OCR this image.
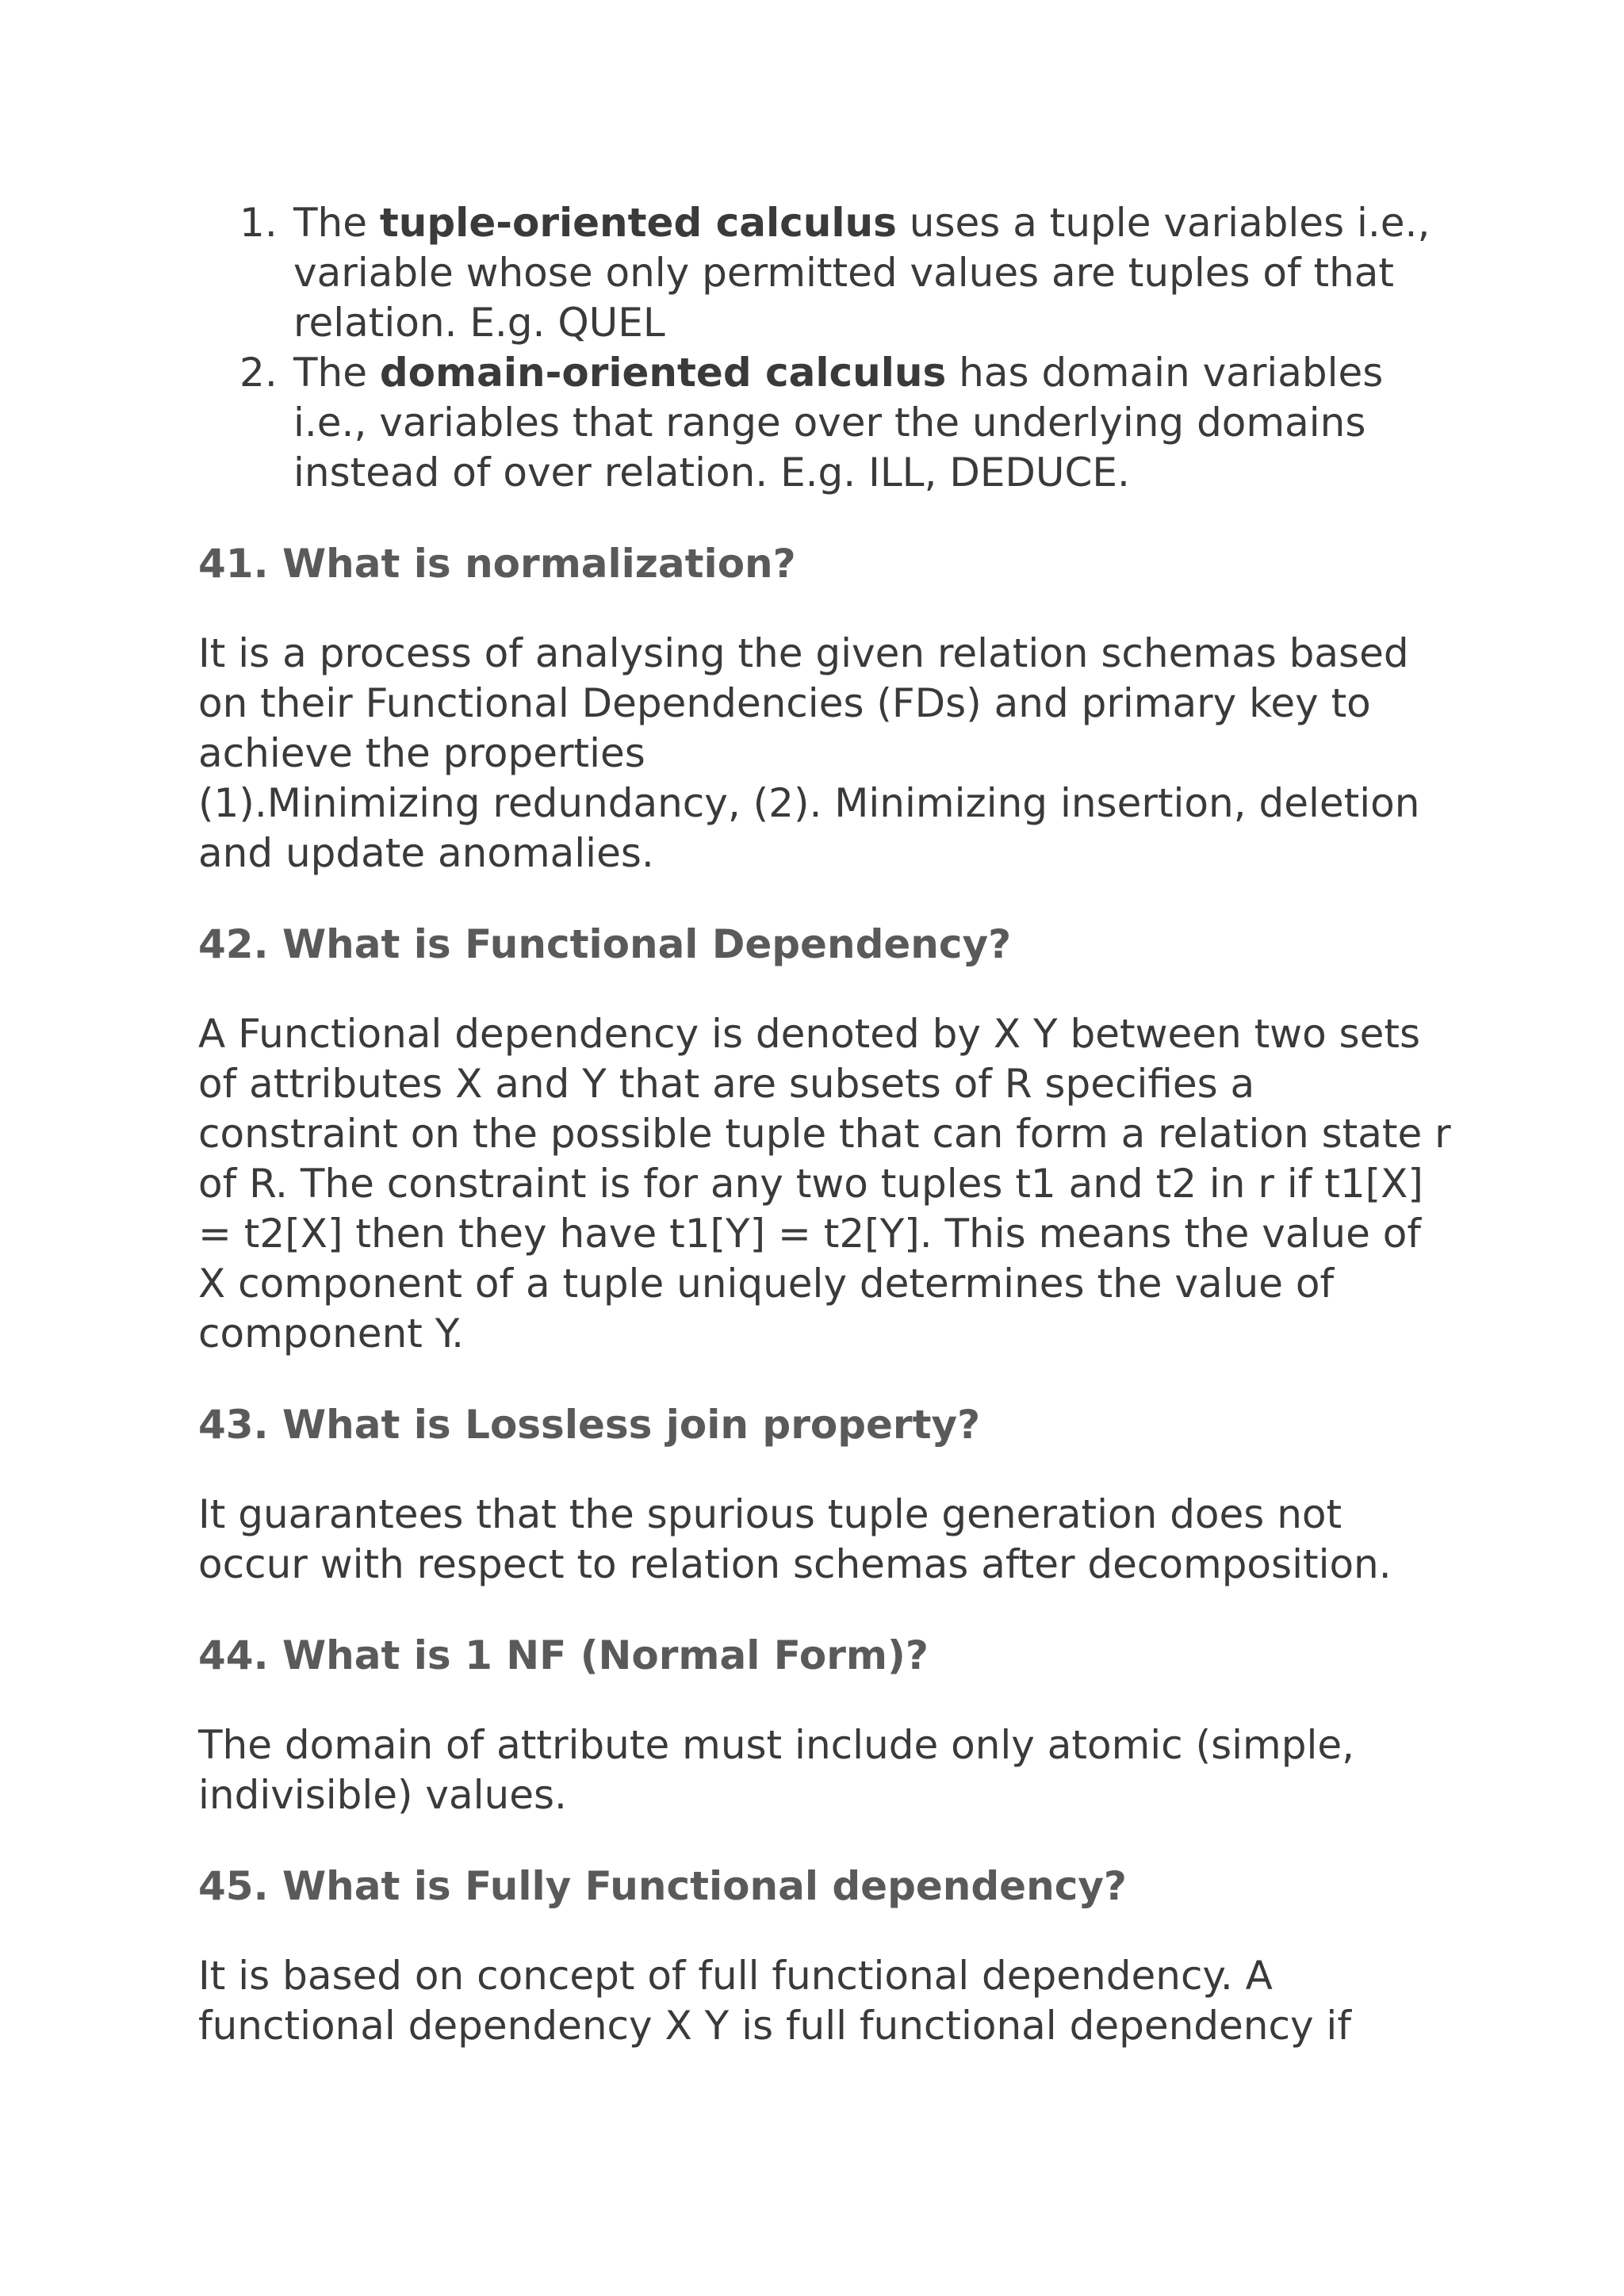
The tuple-oriented calculus uses a tuple variables i.e., variable whose only permitted values are tuples of that relation. E.g. QUEL
The domain-oriented calculus has domain variables i.e., variables that range over the underlying domains instead of over relation. E.g. ILL, DEDUCE.

41. What is normalization?

It is a process of analysing the given relation schemas based on their Functional Dependencies (FDs) and primary key to achieve the properties
(1).Minimizing redundancy, (2). Minimizing insertion, deletion and update anomalies.

42. What is Functional Dependency?

A Functional dependency is denoted by X Y between two sets of attributes X and Y that are subsets of R specifies a constraint on the possible tuple that can form a relation state r of R. The constraint is for any two tuples t1 and t2 in r if t1[X] = t2[X] then they have t1[Y] = t2[Y]. This means the value of X component of a tuple uniquely determines the value of component Y.

43. What is Lossless join property?

It guarantees that the spurious tuple generation does not occur with respect to relation schemas after decomposition.

44. What is 1 NF (Normal Form)?

The domain of attribute must include only atomic (simple, indivisible) values.

45. What is Fully Functional dependency?

It is based on concept of full functional dependency. A functional dependency X Y is full functional dependency if
